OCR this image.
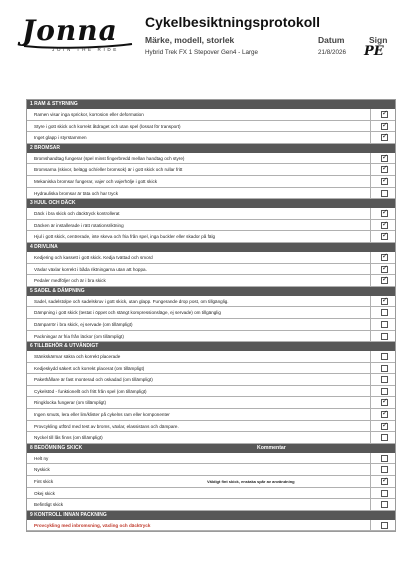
Jonna
JOIN THE RIDE
Cykelbesiktningsprotokoll
Märke, modell, storlek	Datum	Sign
Hybrid Trek FX 1 Stepover Gen4 - Large	21/8/2026 PE
1 RAM & STYRNING
Ramen visar inga sprickor, korrosion eller deformation	✓
Styre i gott skick och korrekt åtdraget och utan spel (lossat för transport)	✓
Inget glapp i styrstammen	✓
2 BROMSAR
Bromshandtag fungerar (spel minst fingerbredd mellan handtag och styre)	✓
Bromsarna (skivor, belägg och/eller bromsok) är i gott skick och rullar fritt	✓
Mekaniska bromsar fungerar, vajer och vajerhölje i gott skick	✓
Hydrauliska bromsar är täta och har tryck
3 HJUL OCH DÄCK
Däck i bra skick och däcktryck kontrollerat	✓
Däcken är installerade i rätt rotationsriktning	✓
Hjul i gott skick, centrerade, inte skeva och fria från spel, inga buckler eller skador på fälg	✓
4 DRIVLINA
Kedjering och kassett i gott skick. Kedja tvättad och smord	✓
Växlar växlar korrekt i båda riktningarna utan att hoppa.	✓
Pedaler medföljer och är i bra skick	✓
5 SADEL & DÄMPNING
Sadel, sadelstolpe och sadelskruv i gott skick, utan glapp. Fungerande drop post, om tillgänglig.	✓
Dämpning i gott skick (testat i öppet och stängt kompressionsläge, ej servade) om tillgänglig
Dämparrör i bra skick, ej servade (om tillämpligt)
Packningar är fria från läckor (om tillämpligt)
6 TILLBEHÖR & UTVÄNDIGT
Stänkskärmar säkra och korrekt placerade
Kedjeskydd säkert och korrekt placerat (om tillämpligt)
Pakethållare är fast monterad och oskadad (om tillämpligt)
Cykelstöd - funktionellt och fritt från spel (om tillämpligt)
Ringklocka fungerar (om tillämpligt)	✓
Ingen smuts, lera eller lim/klister på cykelns ram eller komponenter	✓
Provcykling utförd med test av broms, växlar, elassistans och dämpare.	✓
Nyckel till lås finns (om tillämpligt)
8 BEDÖMNING SKICK	Kommentar
Helt ny
Nyskick
Fint skick	Väldigt fint skick, enstaka spår av användning	✓
Okej skick
Befintligt skick
9 KONTROLL INNAN PACKNING
Provcykling med inbromsning, växling och däcktryck
